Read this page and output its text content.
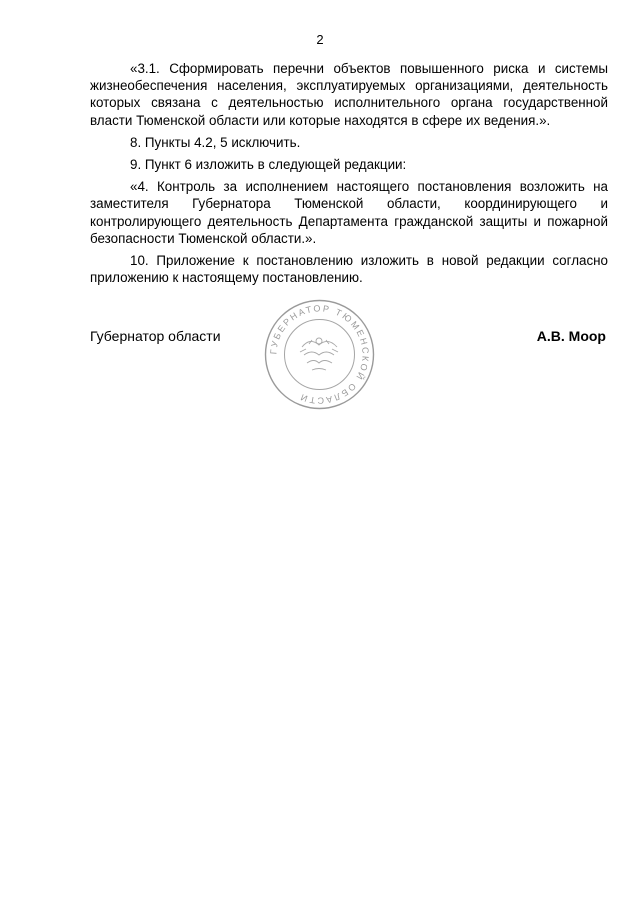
2

«3.1. Сформировать перечни объектов повышенного риска и системы жизнеобеспечения населения, эксплуатируемых организациями, деятельность которых связана с деятельностью исполнительного органа государственной власти Тюменской области или которые находятся в сфере их ведения.».

8. Пункты 4.2, 5 исключить.

9. Пункт 6 изложить в следующей редакции:

«4. Контроль за исполнением настоящего постановления возложить на заместителя Губернатора Тюменской области, координирующего и контролирующего деятельность Департамента гражданской защиты и пожарной безопасности Тюменской области.».

10. Приложение к постановлению изложить в новой редакции согласно приложению к настоящему постановлению.

Губернатор области	А.В. Моор
ГУБЕРНАТОР ТЮМЕНСКОЙ ОБЛАСТИ
